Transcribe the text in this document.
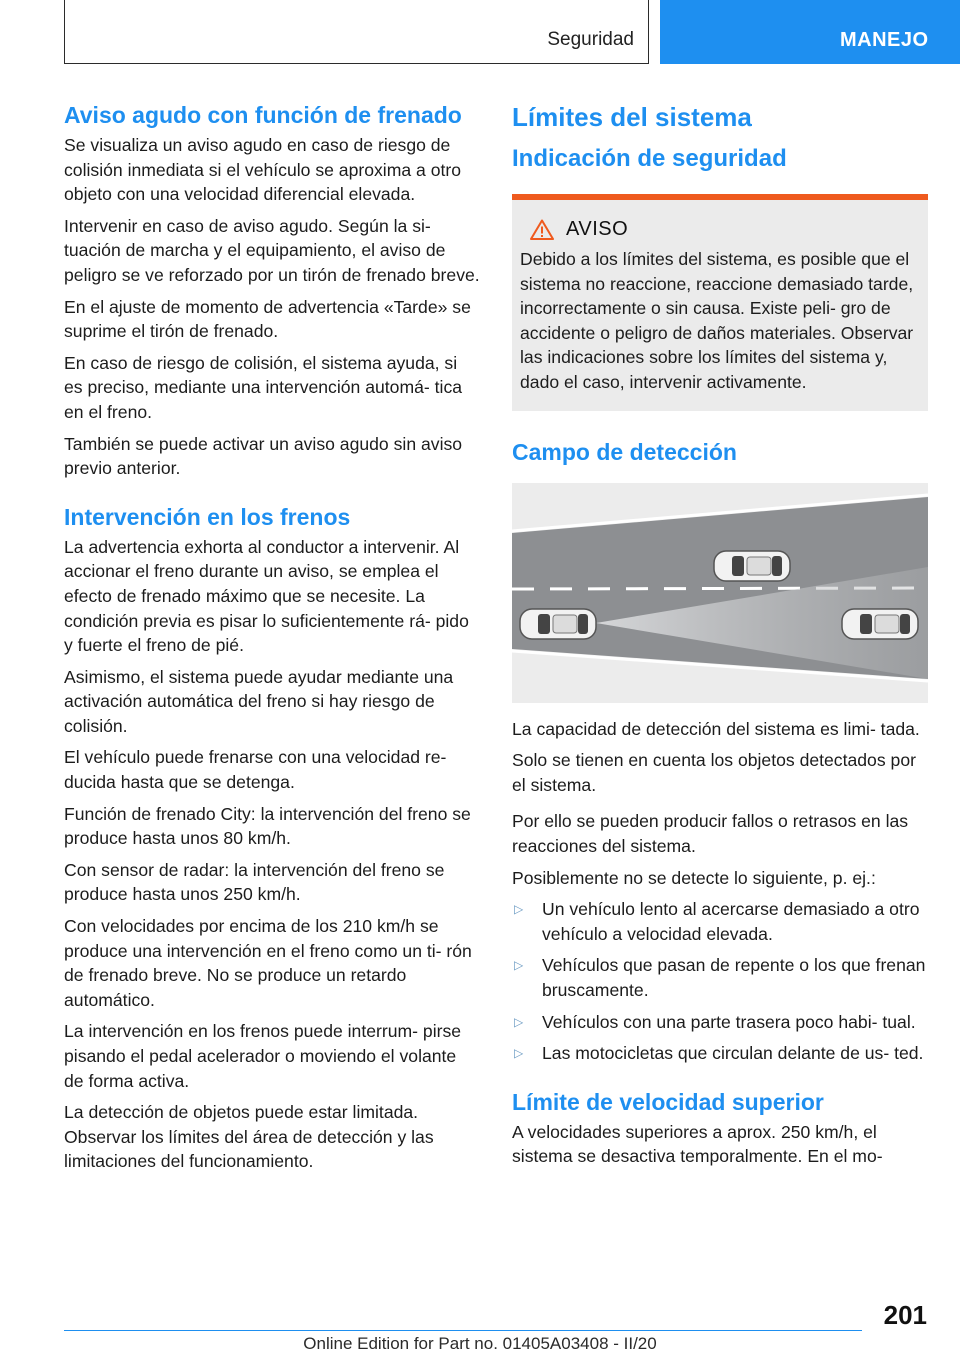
Seguridad	MANEJO
Aviso agudo con función de frenado

Se visualiza un aviso agudo en caso de riesgo de colisión inmediata si el vehículo se aproxima a otro objeto con una velocidad diferencial elevada.

Intervenir en caso de aviso agudo. Según la si‐ tuación de marcha y el equipamiento, el aviso de peligro se ve reforzado por un tirón de frenado breve.

En el ajuste de momento de advertencia «Tarde» se suprime el tirón de frenado.

En caso de riesgo de colisión, el sistema ayuda, si es preciso, mediante una intervención automá‐ tica en el freno.

También se puede activar un aviso agudo sin aviso previo anterior.

Intervención en los frenos

La advertencia exhorta al conductor a intervenir. Al accionar el freno durante un aviso, se emplea el efecto de frenado máximo que se necesite. La condición previa es pisar lo suficientemente rá‐ pido y fuerte el freno de pié.

Asimismo, el sistema puede ayudar mediante una activación automática del freno si hay riesgo de colisión.

El vehículo puede frenarse con una velocidad re‐ ducida hasta que se detenga.

Función de frenado City: la intervención del freno se produce hasta unos 80 km/h.

Con sensor de radar: la intervención del freno se produce hasta unos 250 km/h.

Con velocidades por encima de los 210 km/h se produce una intervención en el freno como un ti‐ rón de frenado breve. No se produce un retardo automático.

La intervención en los frenos puede interrum‐ pirse pisando el pedal acelerador o moviendo el volante de forma activa.

La detección de objetos puede estar limitada. Observar los límites del área de detección y las limitaciones del funcionamiento.

Límites del sistema
Indicación de seguridad
AVISO

Debido a los límites del sistema, es posible que el sistema no reaccione, reaccione demasiado tarde, incorrectamente o sin causa. Existe peli‐ gro de accidente o peligro de daños materiales. Observar las indicaciones sobre los límites del sistema y, dado el caso, intervenir activamente.

Campo de detección

La capacidad de detección del sistema es limi‐ tada.

Solo se tienen en cuenta los objetos detectados por el sistema.

Por ello se pueden producir fallos o retrasos en las reacciones del sistema.

Posiblemente no se detecte lo siguiente, p. ej.:

▷	Un vehículo lento al acercarse demasiado a otro vehículo a velocidad elevada.
▷	Vehículos que pasan de repente o los que frenan bruscamente.
▷	Vehículos con una parte trasera poco habi‐ tual.
▷	Las motocicletas que circulan delante de us‐ ted.
Límite de velocidad superior

A velocidades superiores a aprox. 250 km/h, el sistema se desactiva temporalmente. En el mo‐

201
Online Edition for Part no. 01405A03408 - II/20
